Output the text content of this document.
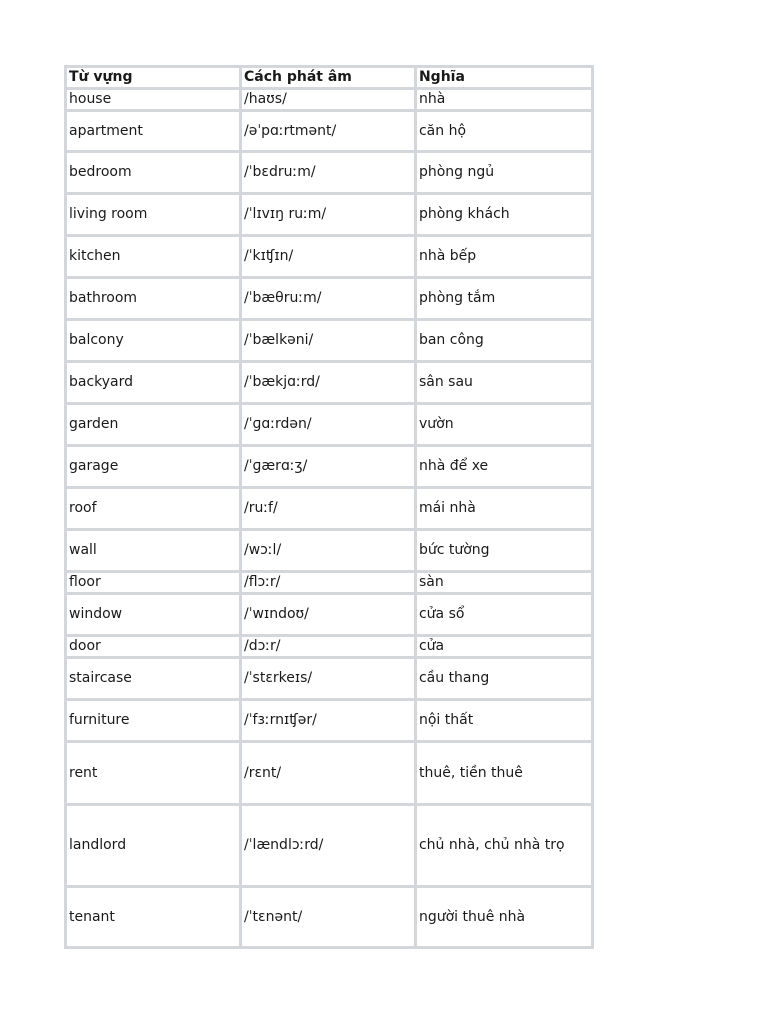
Từ vựng	Cách phát âm	Nghĩa
house	/haʊs/	nhà
apartment	/əˈpɑːrtmənt/	căn hộ
bedroom	/ˈbɛdruːm/	phòng ngủ
living room	/ˈlɪvɪŋ ruːm/	phòng khách
kitchen	/ˈkɪʧɪn/	nhà bếp
bathroom	/ˈbæθruːm/	phòng tắm
balcony	/ˈbælkəni/	ban công
backyard	/ˈbækjɑːrd/	sân sau
garden	/ˈɡɑːrdən/	vườn
garage	/ˈɡærɑːʒ/	nhà để xe
roof	/ruːf/	mái nhà
wall	/wɔːl/	bức tường
floor	/flɔːr/	sàn
window	/ˈwɪndoʊ/	cửa sổ
door	/dɔːr/	cửa
staircase	/ˈstɛrkeɪs/	cầu thang
furniture	/ˈfɜːrnɪʧər/	nội thất
rent	/rɛnt/	thuê, tiền thuê
landlord	/ˈlændlɔːrd/	chủ nhà, chủ nhà trọ
tenant	/ˈtɛnənt/	người thuê nhà
